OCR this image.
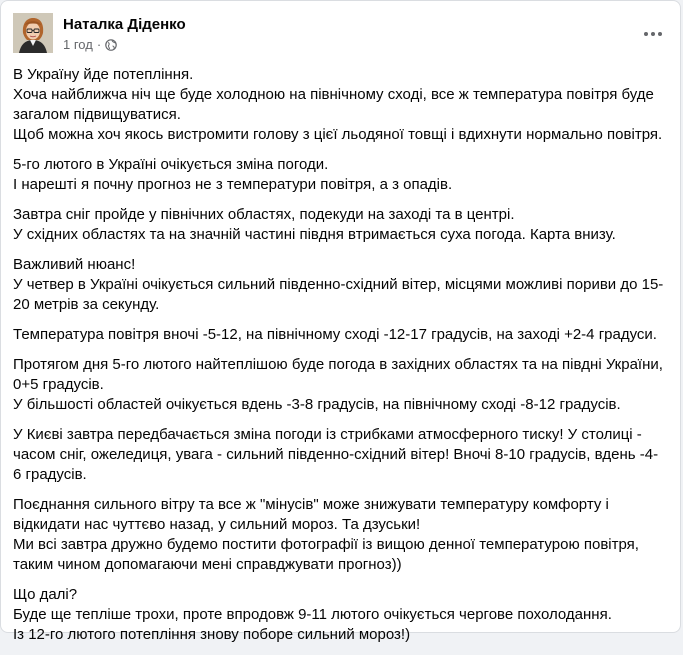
Наталка Діденко
1 год ·

В Україну йде потепління.
Хоча найближча ніч ще буде холодною на північному сході, все ж температура повітря буде загалом підвищуватися.
Щоб можна хоч якось вистромити голову з цієї льодяної товщі і вдихнути нормально повітря.

5-го лютого в Україні очікується зміна погоди.
І нарешті я почну прогноз не з температури повітря, а з опадів.

Завтра сніг пройде у північних областях, подекуди на заході та в центрі.
У східних областях та на значній частині півдня втримається суха погода. Карта внизу.

Важливий нюанс!
У четвер в Україні очікується сильний південно-східний вітер, місцями можливі пориви до 15-20 метрів за секунду.

Температура повітря вночі -5-12, на північному сході -12-17 градусів, на заході +2-4 градуси.

Протягом дня 5-го лютого найтеплішою буде погода в західних областях та на півдні України, 0+5 градусів.
У більшості областей очікується вдень -3-8 градусів, на північному сході -8-12 градусів.

У Києві завтра передбачається зміна погоди із стрибками атмосферного тиску! У столиці - часом сніг, ожеледиця, увага - сильний південно-східний вітер! Вночі 8-10 градусів, вдень -4-6 градусів.

Поєднання сильного вітру та все ж "мінусів" може знижувати температуру комфорту і відкидати нас чуттєво назад, у сильний мороз. Та дзуськи!
Ми всі завтра дружно будемо постити фотографії із вищою денної температурою повітря, таким чином допомагаючи мені справджувати прогноз))

Що далі?
Буде ще тепліше трохи, проте впродовж 9-11 лютого очікується чергове похолодання.
Із 12-го лютого потепління знову поборе сильний мороз!)
